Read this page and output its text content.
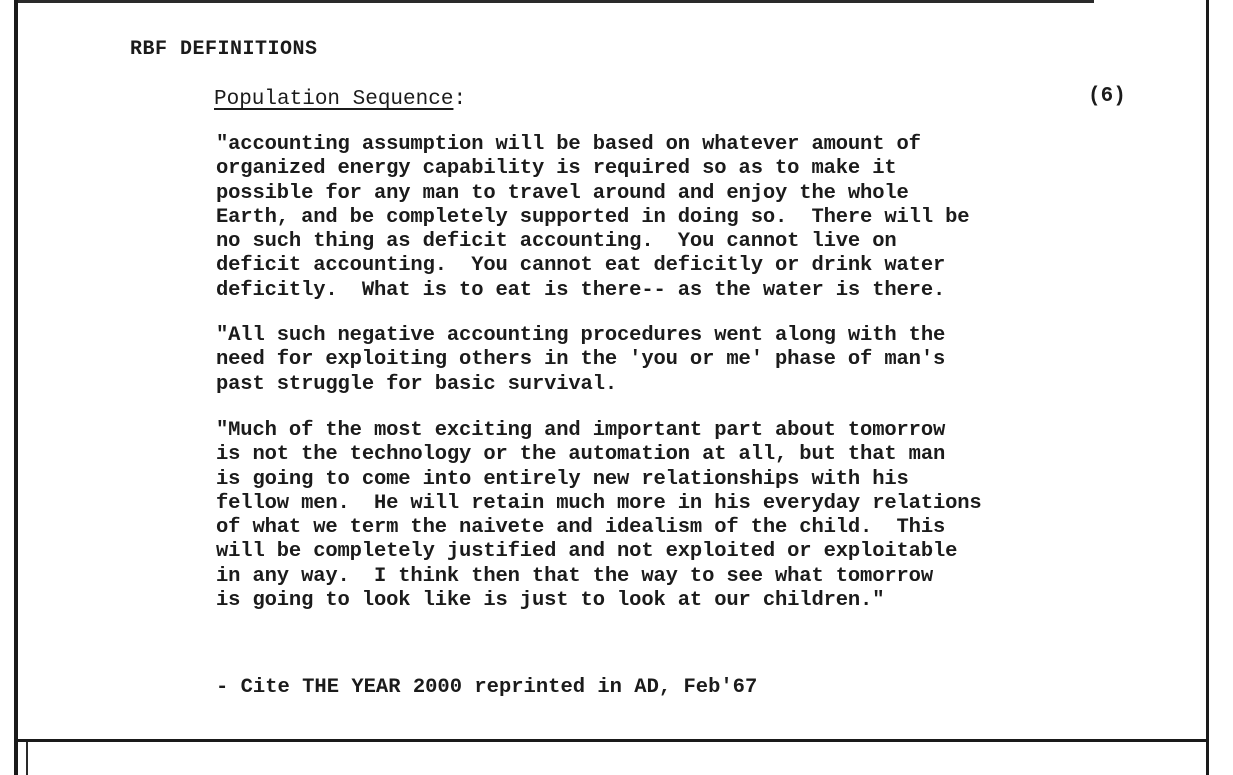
RBF DEFINITIONS
Population Sequence:	(6)
"accounting assumption will be based on whatever amount of
organized energy capability is required so as to make it
possible for any man to travel around and enjoy the whole
Earth, and be completely supported in doing so.  There will be
no such thing as deficit accounting.  You cannot live on
deficit accounting.  You cannot eat deficitly or drink water
deficitly.  What is to eat is there-- as the water is there.
"All such negative accounting procedures went along with the
need for exploiting others in the 'you or me' phase of man's
past struggle for basic survival.
"Much of the most exciting and important part about tomorrow
is not the technology or the automation at all, but that man
is going to come into entirely new relationships with his
fellow men.  He will retain much more in his everyday relations
of what we term the naivete and idealism of the child.  This
will be completely justified and not exploited or exploitable
in any way.  I think then that the way to see what tomorrow
is going to look like is just to look at our children."
- Cite THE YEAR 2000 reprinted in AD, Feb'67
